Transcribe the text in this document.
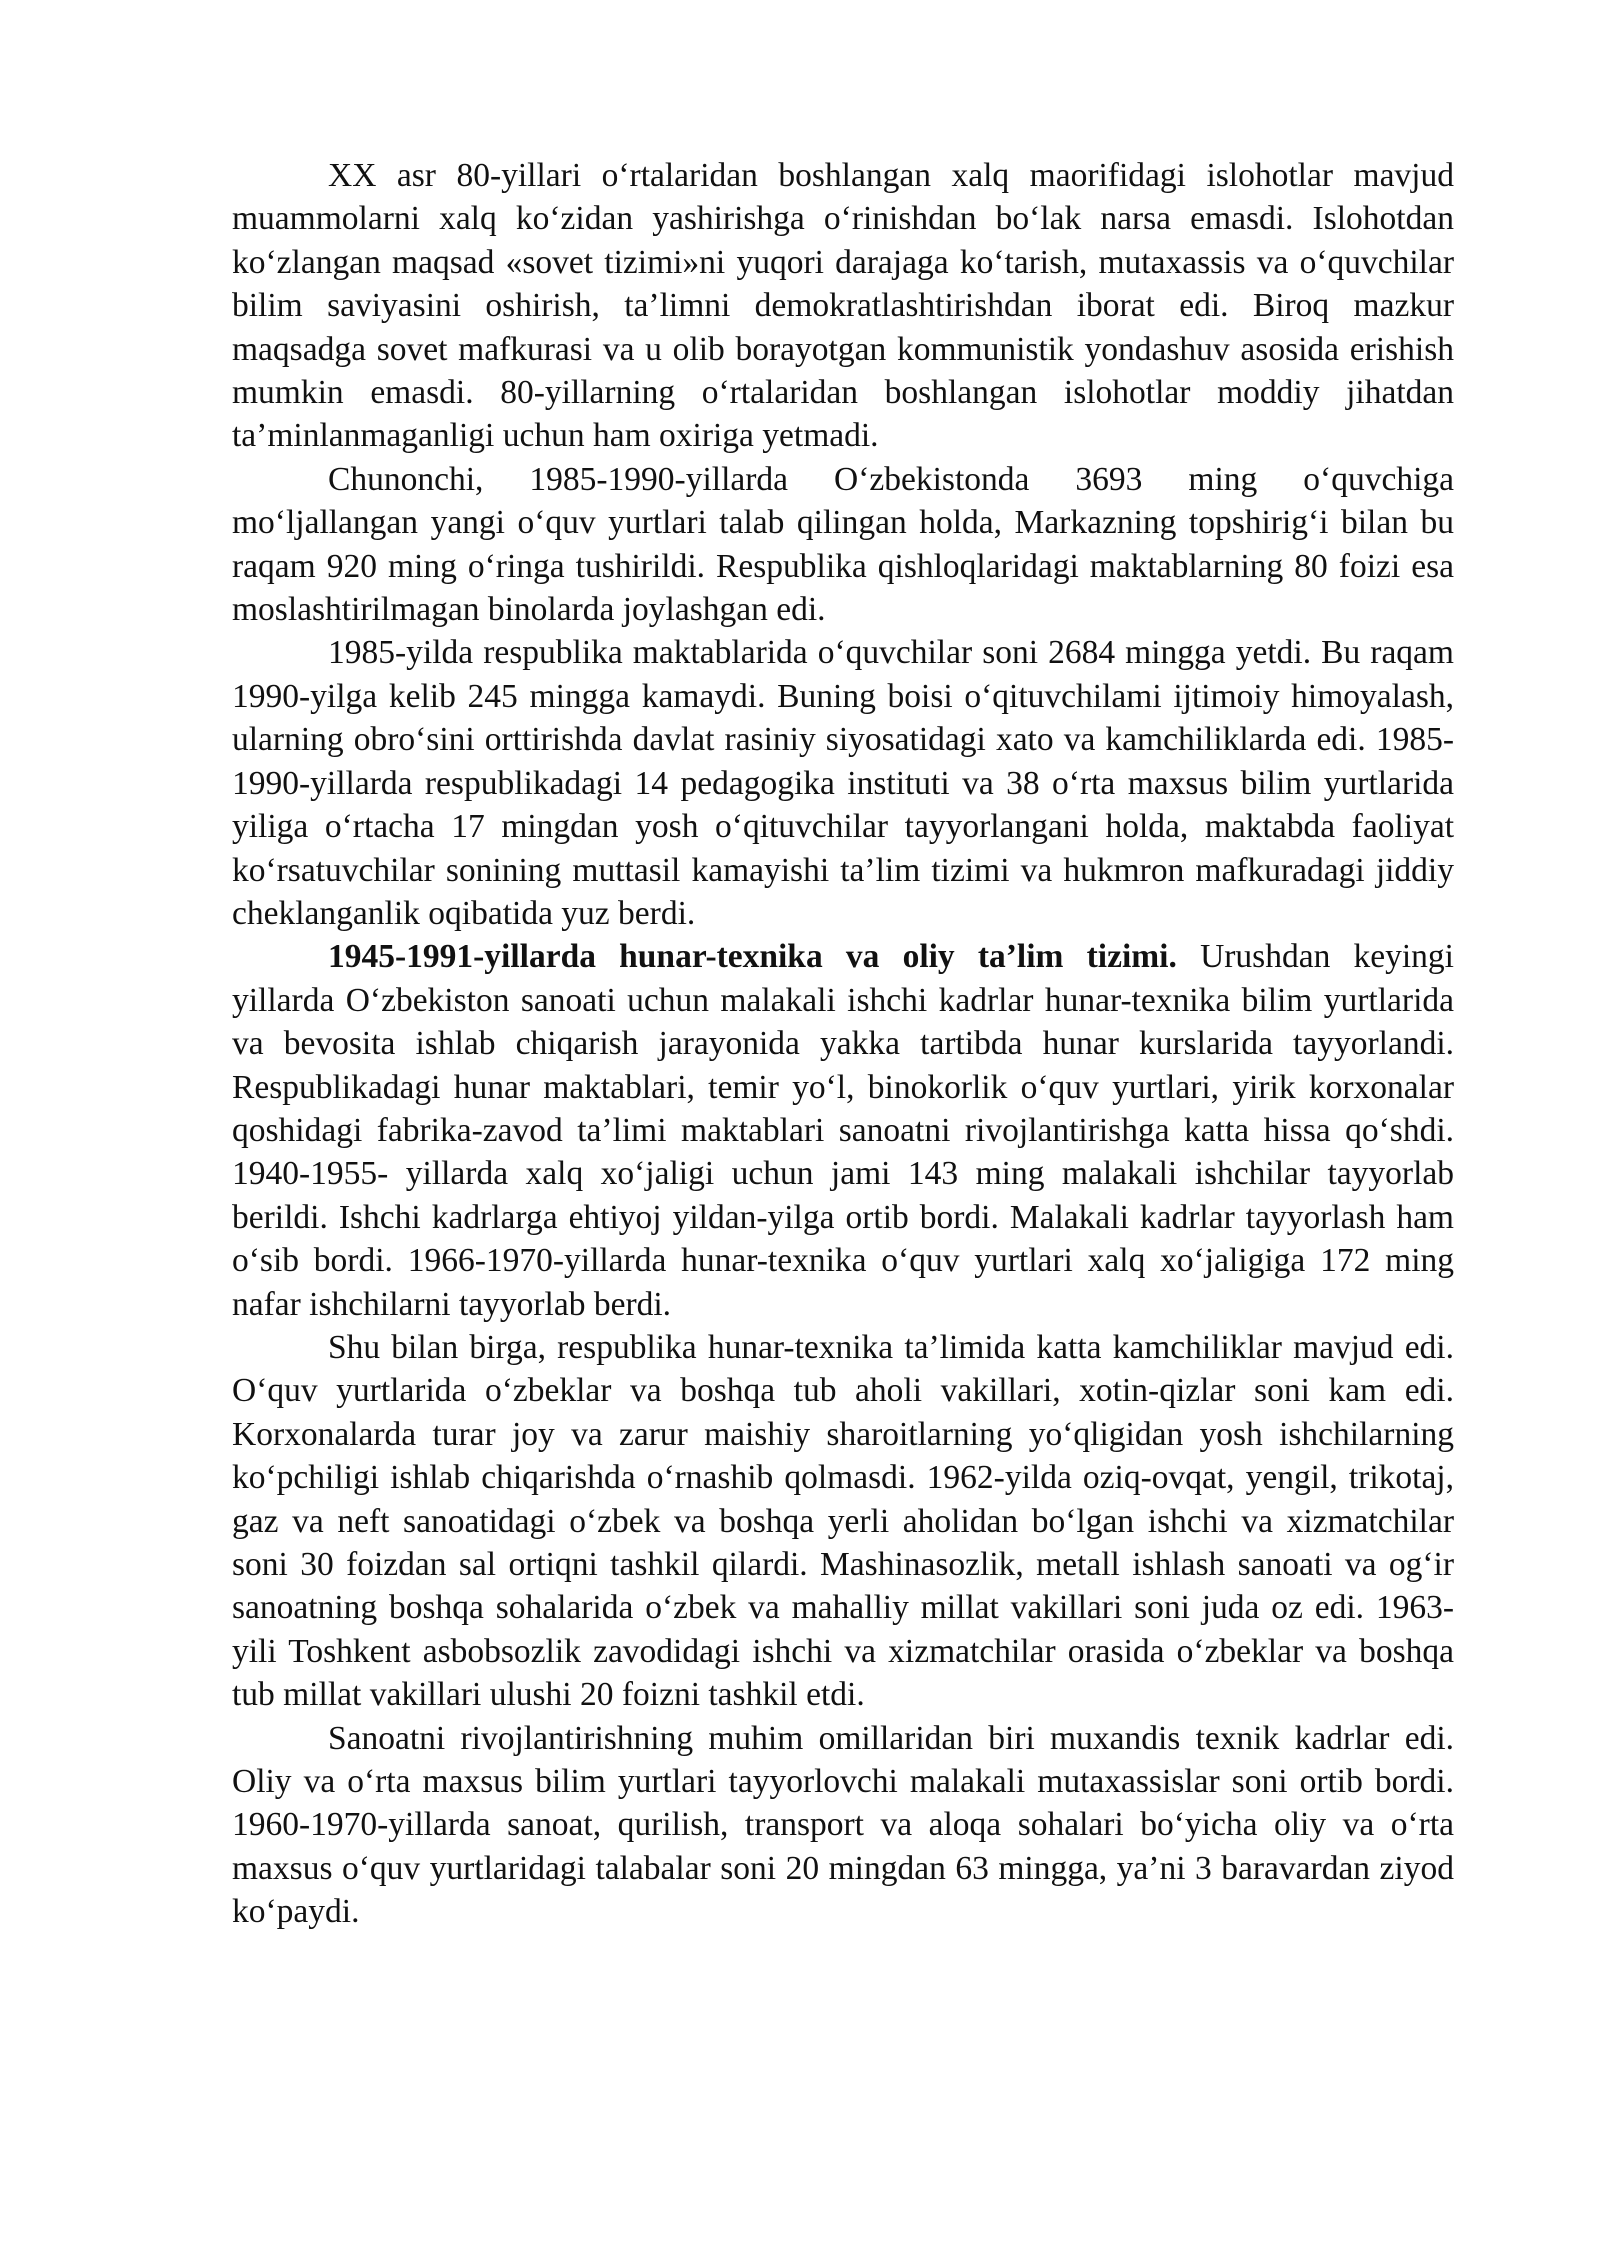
XX asr 80-yillari o‘rtalaridan boshlangan xalq maorifidagi islohotlar mavjud muammolarni xalq ko‘zidan yashirishga o‘rinishdan bo‘lak narsa emasdi. Islohotdan ko‘zlangan maqsad «sovet tizimi»ni yuqori darajaga ko‘tarish, mutaxassis va o‘quvchilar bilim saviyasini oshirish, ta’limni demokratlashtirishdan iborat edi. Biroq mazkur maqsadga sovet mafkurasi va u olib borayotgan kommunistik yondashuv asosida erishish mumkin emasdi. 80-yillarning o‘rtalaridan boshlangan islohotlar moddiy jihatdan ta’minlanmaganligi uchun ham oxiriga yetmadi.

Chunonchi, 1985-1990-yillarda O‘zbekistonda 3693 ming o‘quvchiga mo‘ljallangan yangi o‘quv yurtlari talab qilingan holda, Markazning topshirig‘i bilan bu raqam 920 ming o‘ringa tushirildi. Respublika qishloqlaridagi maktablarning 80 foizi esa moslashtirilmagan binolarda joylashgan edi.

1985-yilda respublika maktablarida o‘quvchilar soni 2684 mingga yetdi. Bu raqam 1990-yilga kelib 245 mingga kamaydi. Buning boisi o‘qituvchilami ijtimoiy himoyalash, ularning obro‘sini orttirishda davlat rasiniy siyosatidagi xato va kamchiliklarda edi. 1985-1990-yillarda respublikadagi 14 pedagogika instituti va 38 o‘rta maxsus bilim yurtlarida yiliga o‘rtacha 17 mingdan yosh o‘qituvchilar tayyorlangani holda, maktabda faoliyat ko‘rsatuvchilar sonining muttasil kamayishi ta’lim tizimi va hukmron mafkuradagi jiddiy cheklanganlik oqibatida yuz berdi.

1945-1991-yillarda hunar-texnika va oliy ta’lim tizimi. Urushdan keyingi yillarda O‘zbekiston sanoati uchun malakali ishchi kadrlar hunar-texnika bilim yurtlarida va bevosita ishlab chiqarish jarayonida yakka tartibda hunar kurslarida tayyorlandi. Respublikadagi hunar maktablari, temir yo‘l, binokorlik o‘quv yurtlari, yirik korxonalar qoshidagi fabrika-zavod ta’limi maktablari sanoatni rivojlantirishga katta hissa qo‘shdi. 1940-1955- yillarda xalq xo‘jaligi uchun jami 143 ming malakali ishchilar tayyorlab berildi. Ishchi kadrlarga ehtiyoj yildan-yilga ortib bordi. Malakali kadrlar tayyorlash ham o‘sib bordi. 1966-1970-yillarda hunar-texnika o‘quv yurtlari xalq xo‘jaligiga 172 ming nafar ishchilarni tayyorlab berdi.

Shu bilan birga, respublika hunar-texnika ta’limida katta kamchiliklar mavjud edi. O‘quv yurtlarida o‘zbeklar va boshqa tub aholi vakillari, xotin-qizlar soni kam edi. Korxonalarda turar joy va zarur maishiy sharoitlarning yo‘qligidan yosh ishchilarning ko‘pchiligi ishlab chiqarishda o‘rnashib qolmasdi. 1962-yilda oziq-ovqat, yengil, trikotaj, gaz va neft sanoatidagi o‘zbek va boshqa yerli aholidan bo‘lgan ishchi va xizmatchilar soni 30 foizdan sal ortiqni tashkil qilardi. Mashinasozlik, metall ishlash sanoati va og‘ir sanoatning boshqa sohalarida o‘zbek va mahalliy millat vakillari soni juda oz edi. 1963-yili Toshkent asbobsozlik zavodidagi ishchi va xizmatchilar orasida o‘zbeklar va boshqa tub millat vakillari ulushi 20 foizni tashkil etdi.

Sanoatni rivojlantirishning muhim omillaridan biri muxandis texnik kadrlar edi. Oliy va o‘rta maxsus bilim yurtlari tayyorlovchi malakali mutaxassislar soni ortib bordi. 1960-1970-yillarda sanoat, qurilish, transport va aloqa sohalari bo‘yicha oliy va o‘rta maxsus o‘quv yurtlaridagi talabalar soni 20 mingdan 63 mingga, ya’ni 3 baravardan ziyod ko‘paydi.
